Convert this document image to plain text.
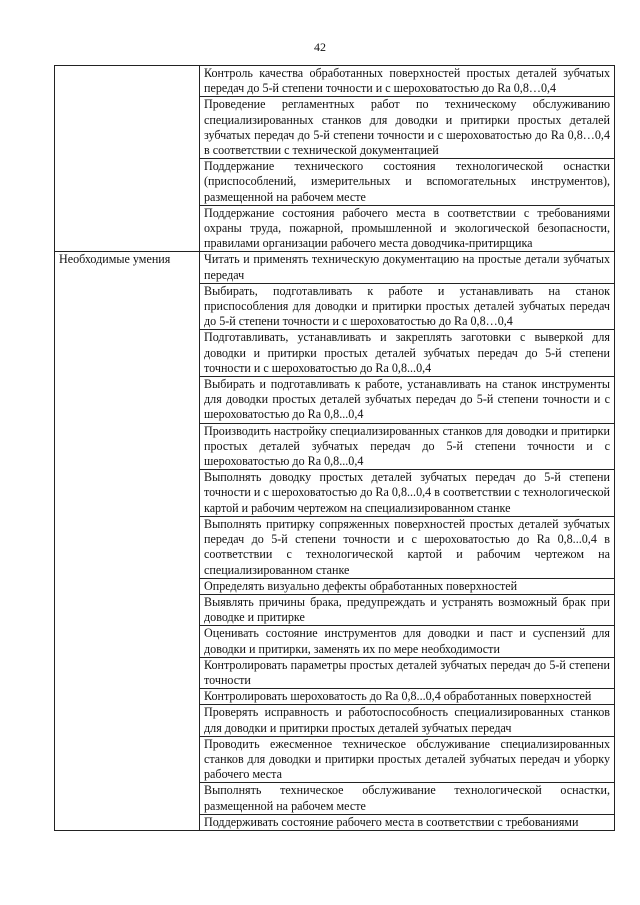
42
	Контроль качества обработанных поверхностей простых деталей зубчатых передач до 5-й степени точности и с шероховатостью до Ra 0,8…0,4
	Проведение регламентных работ по техническому обслуживанию специализированных станков для доводки и притирки простых деталей зубчатых передач до 5-й степени точности и с шероховатостью до Ra 0,8…0,4 в соответствии с технической документацией
	Поддержание технического состояния технологической оснастки (приспособлений, измерительных и вспомогательных инструментов), размещенной на рабочем месте
	Поддержание состояния рабочего места в соответствии с требованиями охраны труда, пожарной, промышленной и экологической безопасности, правилами организации рабочего места доводчика-притирщика
Необходимые умения	Читать и применять техническую документацию на простые детали зубчатых передач
	Выбирать, подготавливать к работе и устанавливать на станок приспособления для доводки и притирки простых деталей зубчатых передач до 5-й степени точности и с шероховатостью до Ra 0,8…0,4
	Подготавливать, устанавливать и закреплять заготовки с выверкой для доводки и притирки простых деталей зубчатых передач до 5-й степени точности и с шероховатостью до Ra 0,8...0,4
	Выбирать и подготавливать к работе, устанавливать на станок инструменты для доводки простых деталей зубчатых передач до 5-й степени точности и с шероховатостью до Ra 0,8...0,4
	Производить настройку специализированных станков для доводки и притирки простых деталей зубчатых передач до 5-й степени точности и с шероховатостью до Ra 0,8...0,4
	Выполнять доводку простых деталей зубчатых передач до 5-й степени точности и с шероховатостью до Ra 0,8...0,4 в соответствии с технологической картой и рабочим чертежом на специализированном станке
	Выполнять притирку сопряженных поверхностей простых деталей зубчатых передач до 5-й степени точности и с шероховатостью до Ra 0,8...0,4 в соответствии с технологической картой и рабочим чертежом на специализированном станке
	Определять визуально дефекты обработанных поверхностей
	Выявлять причины брака, предупреждать и устранять возможный брак при доводке и притирке
	Оценивать состояние инструментов для доводки и паст и суспензий для доводки и притирки, заменять их по мере необходимости
	Контролировать параметры простых деталей зубчатых передач до 5-й степени точности
	Контролировать шероховатость до Ra 0,8...0,4 обработанных поверхностей
	Проверять исправность и работоспособность специализированных станков для доводки и притирки простых деталей зубчатых передач
	Проводить ежесменное техническое обслуживание специализированных станков для доводки и притирки простых деталей зубчатых передач и уборку рабочего места
	Выполнять техническое обслуживание технологической оснастки, размещенной на рабочем месте
	Поддерживать состояние рабочего места в соответствии с требованиями
